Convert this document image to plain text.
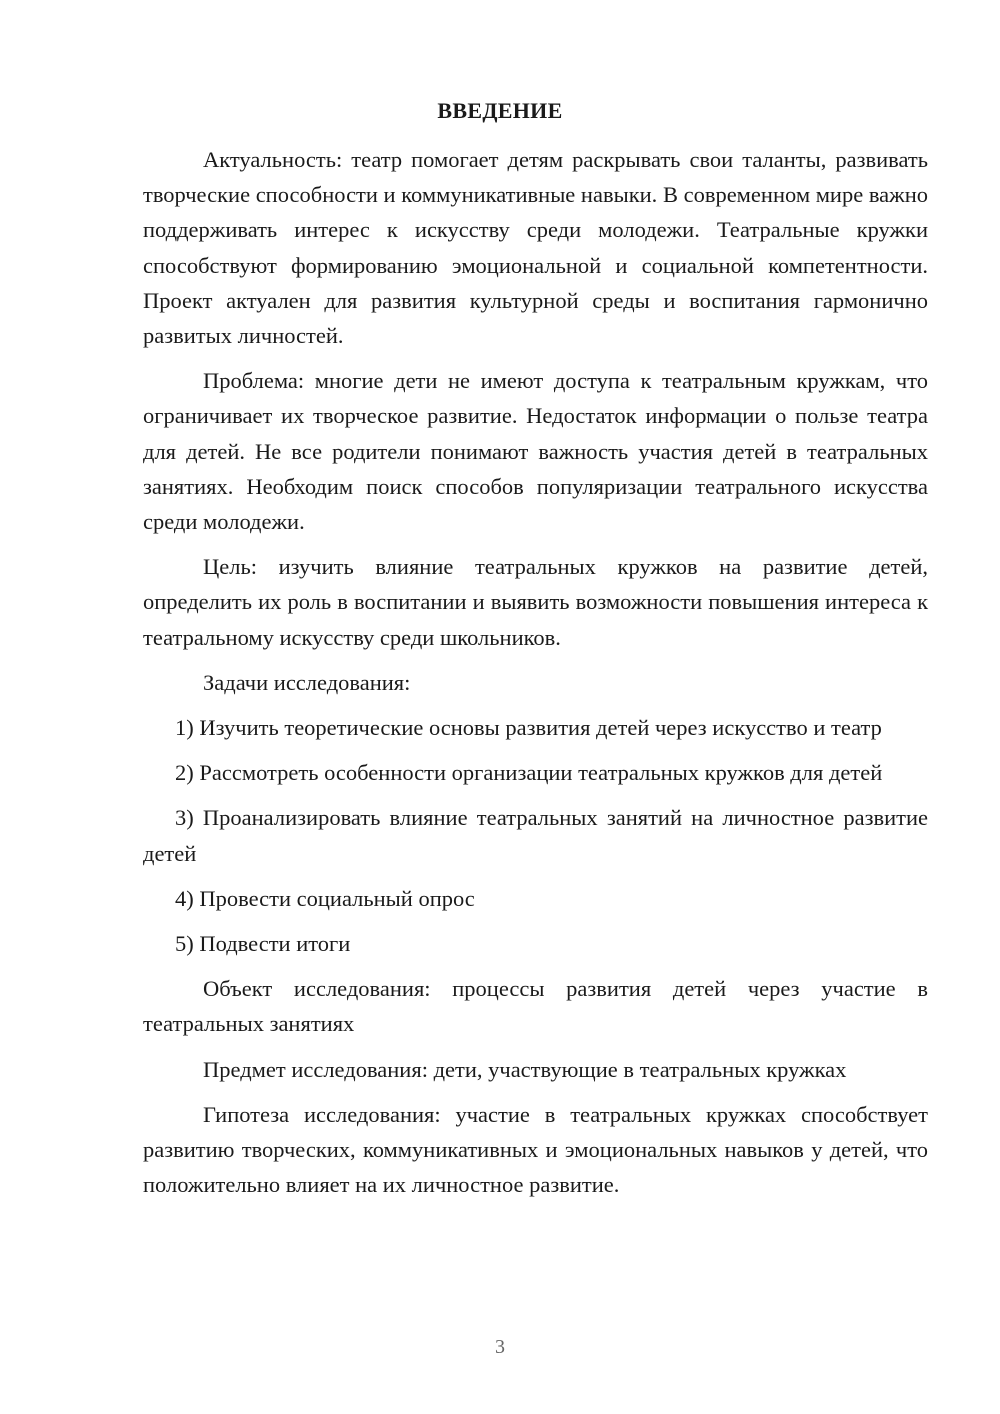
ВВЕДЕНИЕ

Актуальность: театр помогает детям раскрывать свои таланты, развивать творческие способности и коммуникативные навыки. В современном мире важно поддерживать интерес к искусству среди молодежи. Театральные кружки способствуют формированию эмоциональной и социальной компетентности. Проект актуален для развития культурной среды и воспитания гармонично развитых личностей.

Проблема: многие дети не имеют доступа к театральным кружкам, что ограничивает их творческое развитие. Недостаток информации о пользе театра для детей. Не все родители понимают важность участия детей в театральных занятиях. Необходим поиск способов популяризации театрального искусства среди молодежи.

Цель: изучить влияние театральных кружков на развитие детей, определить их роль в воспитании и выявить возможности повышения интереса к театральному искусству среди школьников.

Задачи исследования:

1) Изучить теоретические основы развития детей через искусство и театр

2) Рассмотреть особенности организации театральных кружков для детей

3) Проанализировать влияние театральных занятий на личностное развитие детей

4) Провести социальный опрос

5) Подвести итоги

Объект исследования: процессы развития детей через участие в театральных занятиях

Предмет исследования: дети, участвующие в театральных кружках

Гипотеза исследования: участие в театральных кружках способствует развитию творческих, коммуникативных и эмоциональных навыков у детей, что положительно влияет на их личностное развитие.

3
